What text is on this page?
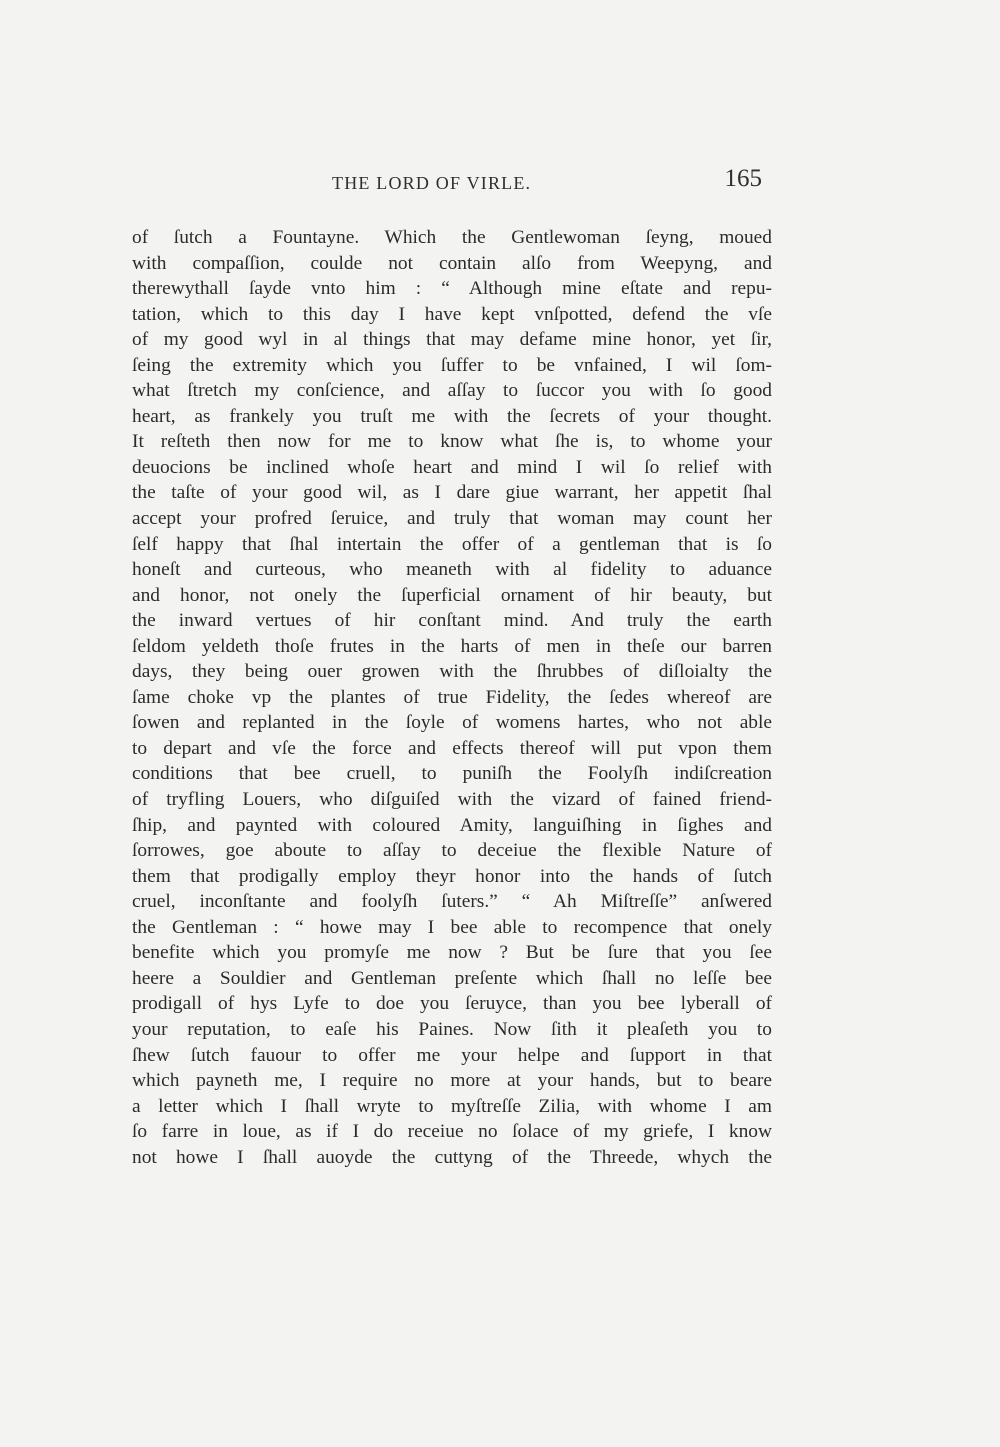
THE LORD OF VIRLE.	165
of ſutch a Fountayne. Which the Gentlewoman ſeyng, moued
with compaſſion, coulde not contain alſo from Weepyng, and
therewythall ſayde vnto him : “ Although mine eſtate and repu-
tation, which to this day I have kept vnſpotted, defend the vſe
of my good wyl in al things that may defame mine honor, yet ſir,
ſeing the extremity which you ſuffer to be vnfained, I wil ſom-
what ſtretch my conſcience, and aſſay to ſuccor you with ſo good
heart, as frankely you truſt me with the ſecrets of your thought.
It reſteth then now for me to know what ſhe is, to whome your
deuocions be inclined whoſe heart and mind I wil ſo relief with
the taſte of your good wil, as I dare giue warrant, her appetit ſhal
accept your profred ſeruice, and truly that woman may count her
ſelf happy that ſhal intertain the offer of a gentleman that is ſo
honeſt and curteous, who meaneth with al fidelity to aduance
and honor, not onely the ſuperficial ornament of hir beauty, but
the inward vertues of hir conſtant mind. And truly the earth
ſeldom yeldeth thoſe frutes in the harts of men in theſe our barren
days, they being ouer growen with the ſhrubbes of diſloialty the
ſame choke vp the plantes of true Fidelity, the ſedes whereof are
ſowen and replanted in the ſoyle of womens hartes, who not able
to depart and vſe the force and effects thereof will put vpon them
conditions that bee cruell, to puniſh the Foolyſh indiſcreation
of tryfling Louers, who diſguiſed with the vizard of fained friend-
ſhip, and paynted with coloured Amity, languiſhing in ſighes and
ſorrowes, goe aboute to aſſay to deceiue the flexible Nature of
them that prodigally employ theyr honor into the hands of ſutch
cruel, inconſtante and foolyſh ſuters.” “ Ah Miſtreſſe” anſwered
the Gentleman : “ howe may I bee able to recompence that onely
benefite which you promyſe me now ? But be ſure that you ſee
heere a Souldier and Gentleman preſente which ſhall no leſſe bee
prodigall of hys Lyfe to doe you ſeruyce, than you bee lyberall of
your reputation, to eaſe his Paines. Now ſith it pleaſeth you to
ſhew ſutch fauour to offer me your helpe and ſupport in that
which payneth me, I require no more at your hands, but to beare
a letter which I ſhall wryte to myſtreſſe Zilia, with whome I am
ſo farre in loue, as if I do receiue no ſolace of my griefe, I know
not howe I ſhall auoyde the cuttyng of the Threede, whych the
